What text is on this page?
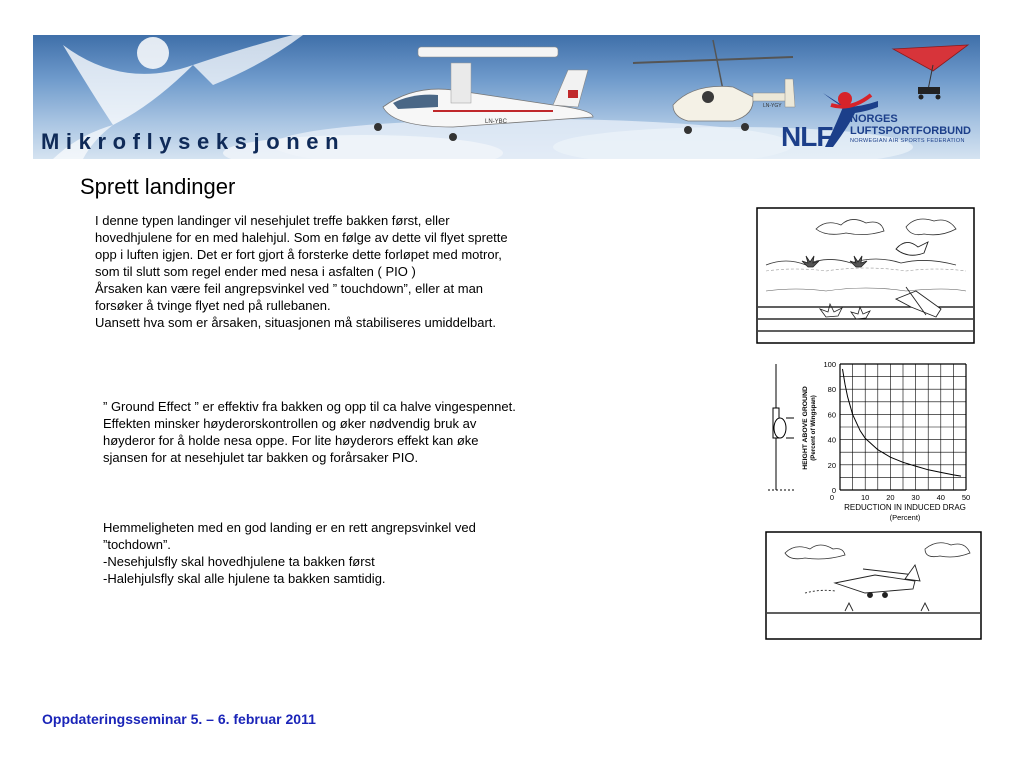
LN-YBC
LN-YGY
Mikroflyseksjonen	NLF
NORGES
LUFTSPORTFORBUND
NORWEGIAN AIR SPORTS FEDERATION
Sprett landinger
I denne typen landinger vil nesehjulet treffe bakken først, eller
hovedhjulene for en med halehjul. Som en følge av dette vil flyet sprette
opp i luften igjen. Det er fort gjort å forsterke dette forløpet med motror,
som til slutt som regel ender med nesa i asfalten ( PIO )
Årsaken kan være feil angrepsvinkel ved ” touchdown”, eller at man
forsøker å tvinge flyet ned på rullebanen.
Uansett hva som er årsaken, situasjonen må stabiliseres umiddelbart.
” Ground Effect ” er effektiv fra bakken og opp til ca halve vingespennet.
Effekten minsker høyderorskontrollen og øker nødvendig bruk av
høyderor for å holde nesa oppe. For lite høyderors effekt kan øke
sjansen for at nesehjulet tar bakken og forårsaker PIO.
Hemmeligheten med en god landing er en rett angrepsvinkel ved
”tochdown”.
-Nesehjulsfly skal hovedhjulene ta bakken først
-Halehjulsfly skal alle hjulene ta bakken samtidig.
0
20
40
60
80
100
0	10 20 30 40 50
HEIGHT ABOVE GROUND (Percent of Wingspan)
REDUCTION IN INDUCED DRAG
(Percent)
Oppdateringsseminar 5. – 6. februar 2011
